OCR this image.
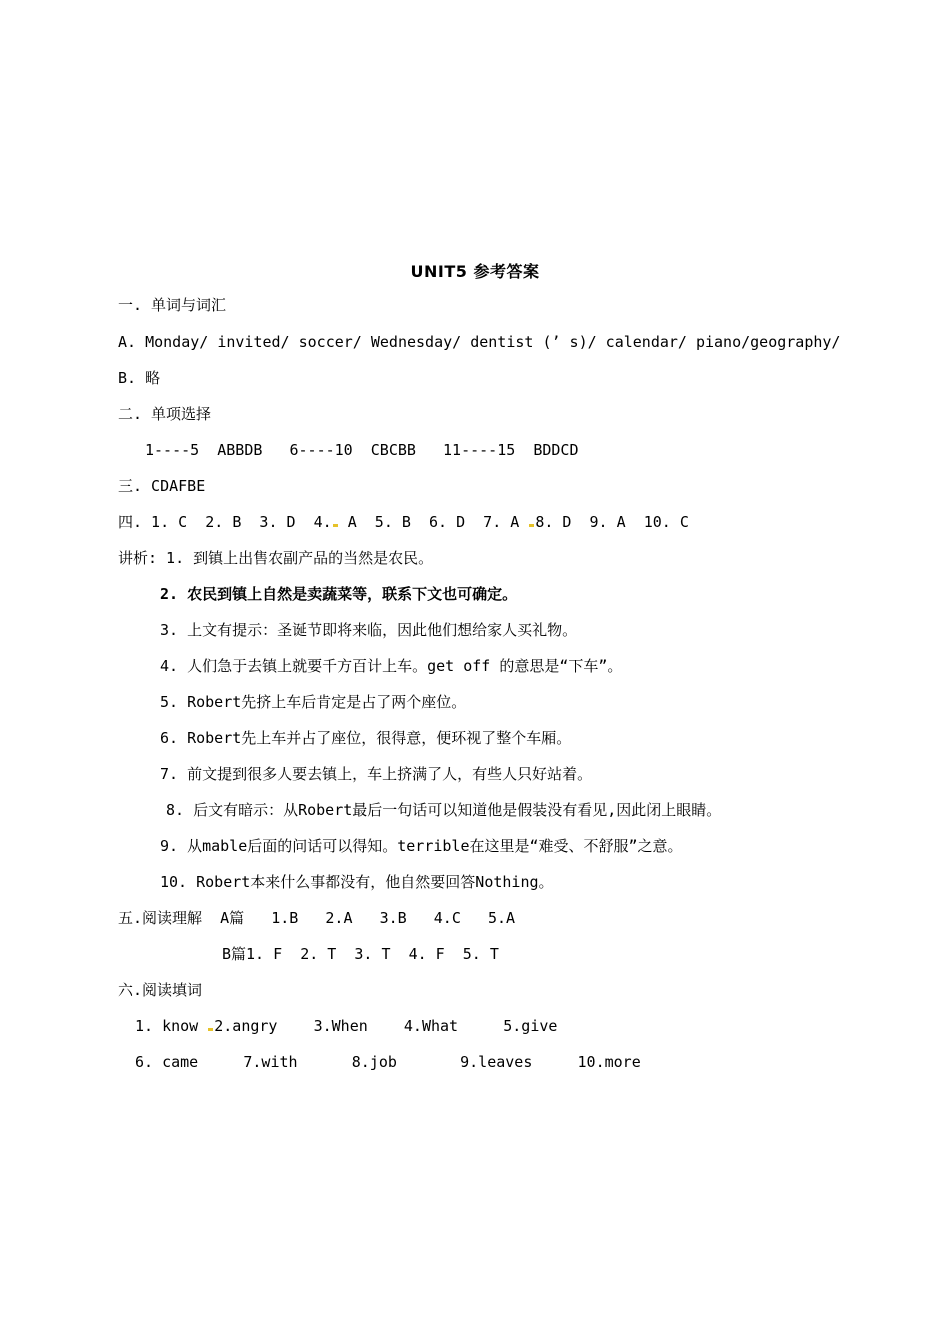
UNIT5 参考答案
一. 单词与词汇
A. Monday/ invited/ soccer/ Wednesday/ dentist (’ s)/ calendar/ piano/geography/
B. 略
二. 单项选择
1----5  ABBDB   6----10  CBCBB   11----15  BDDCD
三. CDAFBE
四. 1. C  2. B  3. D  4. A  5. B  6. D  7. A 8. D  9. A  10. C
讲析: 1. 到镇上出售农副产品的当然是农民。
2. 农民到镇上自然是卖蔬菜等，联系下文也可确定。
3. 上文有提示：圣诞节即将来临，因此他们想给家人买礼物。
4. 人们急于去镇上就要千方百计上车。get off 的意思是“下车”。
5. Robert先挤上车后肯定是占了两个座位。
6. Robert先上车并占了座位，很得意，便环视了整个车厢。
7. 前文提到很多人要去镇上，车上挤满了人，有些人只好站着。
8. 后文有暗示：从Robert最后一句话可以知道他是假装没有看见,因此闭上眼睛。
9. 从mable后面的问话可以得知。terrible在这里是“难受、不舒服”之意。
10. Robert本来什么事都没有，他自然要回答Nothing。
五.阅读理解  A篇   1.B   2.A   3.B   4.C   5.A
B篇1. F  2. T  3. T  4. F  5. T
六.阅读填词
1. know 2.angry    3.When    4.What     5.give
6. came     7.with      8.job       9.leaves     10.more
